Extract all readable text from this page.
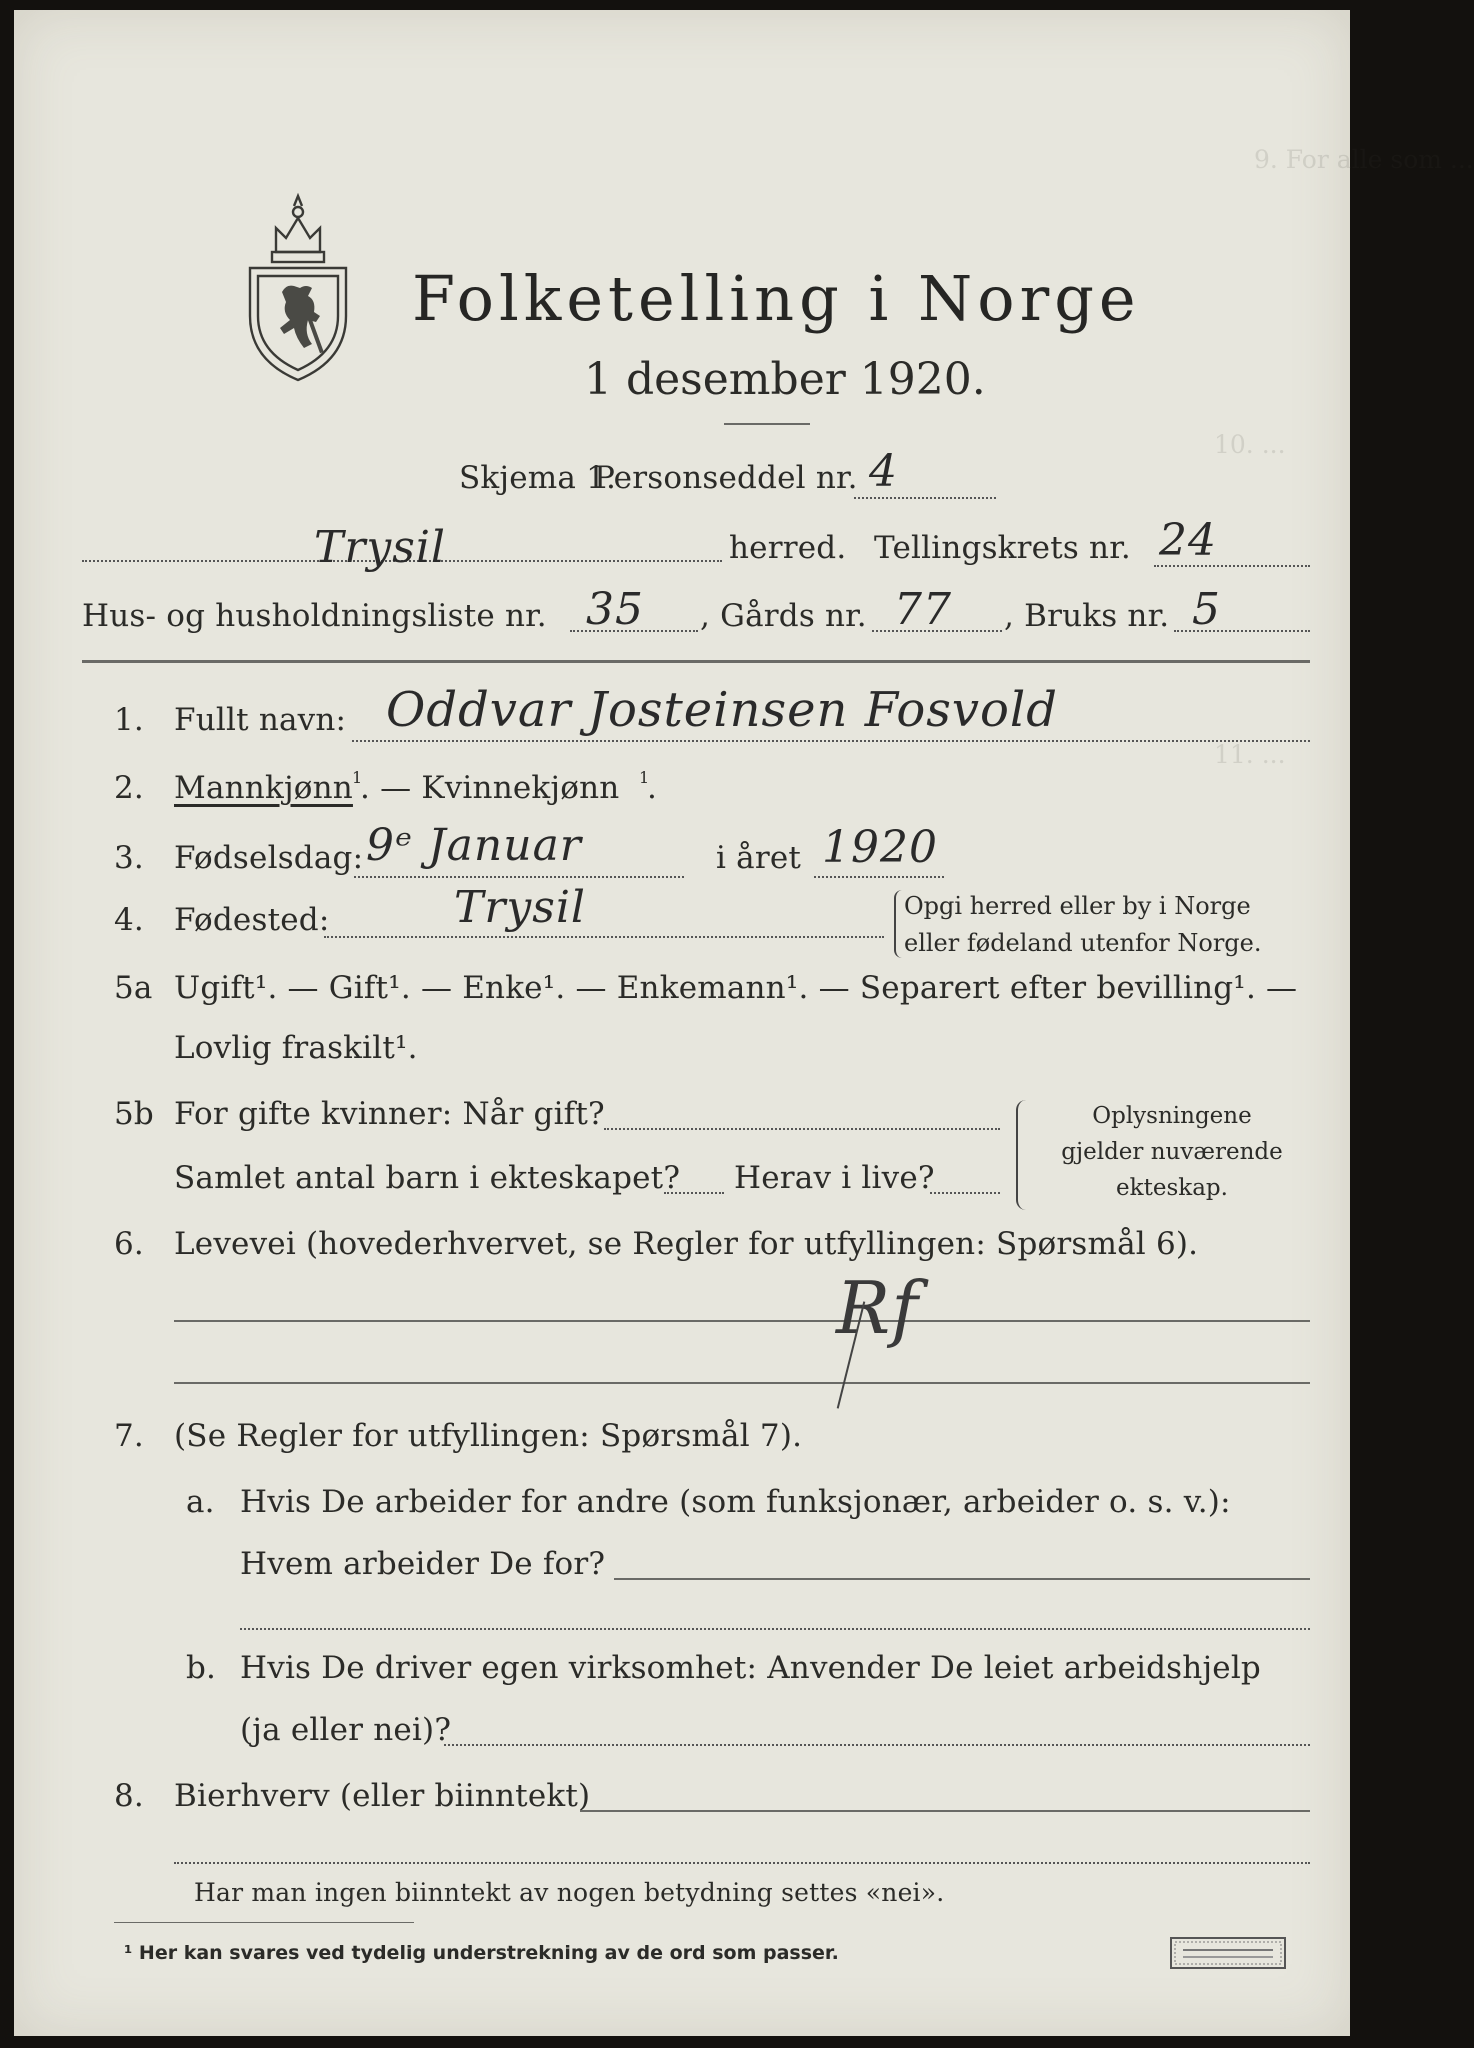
9. For alle som ...
10. ...
11. ...
Folketelling i Norge
1 desember 1920.
Skjema 1.
Personseddel nr. 4
Trysil	herred. Tellingskrets nr. 24
Hus- og husholdningsliste nr. 35 , Gårds nr. 77 , Bruks nr. 5
1. Fullt navn: Oddvar Josteinsen Fosvold
2. Mannkjønn 1
. — Kvinnekjønn 1
.
3. Fødselsdag: 9ᵉ Januar	i året 1920
4. Fødested:	Trysil	Opgi herred eller by i Norge
eller fødeland utenfor Norge.
5a Ugift¹. — Gift¹. — Enke¹. — Enkemann¹. — Separert efter bevilling¹. —
Lovlig fraskilt¹.
5b For gifte kvinner: Når gift?
Samlet antal barn i ekteskapet? Herav i live?
Oplysningene
gjelder nuværende
ekteskap.
6. Levevei (hovederhvervet, se Regler for utfyllingen: Spørsmål 6).
Rf
7. (Se Regler for utfyllingen: Spørsmål 7).
a. Hvis De arbeider for andre (som funksjonær, arbeider o. s. v.):
Hvem arbeider De for?
b. Hvis De driver egen virksomhet: Anvender De leiet arbeidshjelp
(ja eller nei)?
8. Bierhverv (eller biinntekt)
Har man ingen biinntekt av nogen betydning settes «nei».
¹ Her kan svares ved tydelig understrekning av de ord som passer.
